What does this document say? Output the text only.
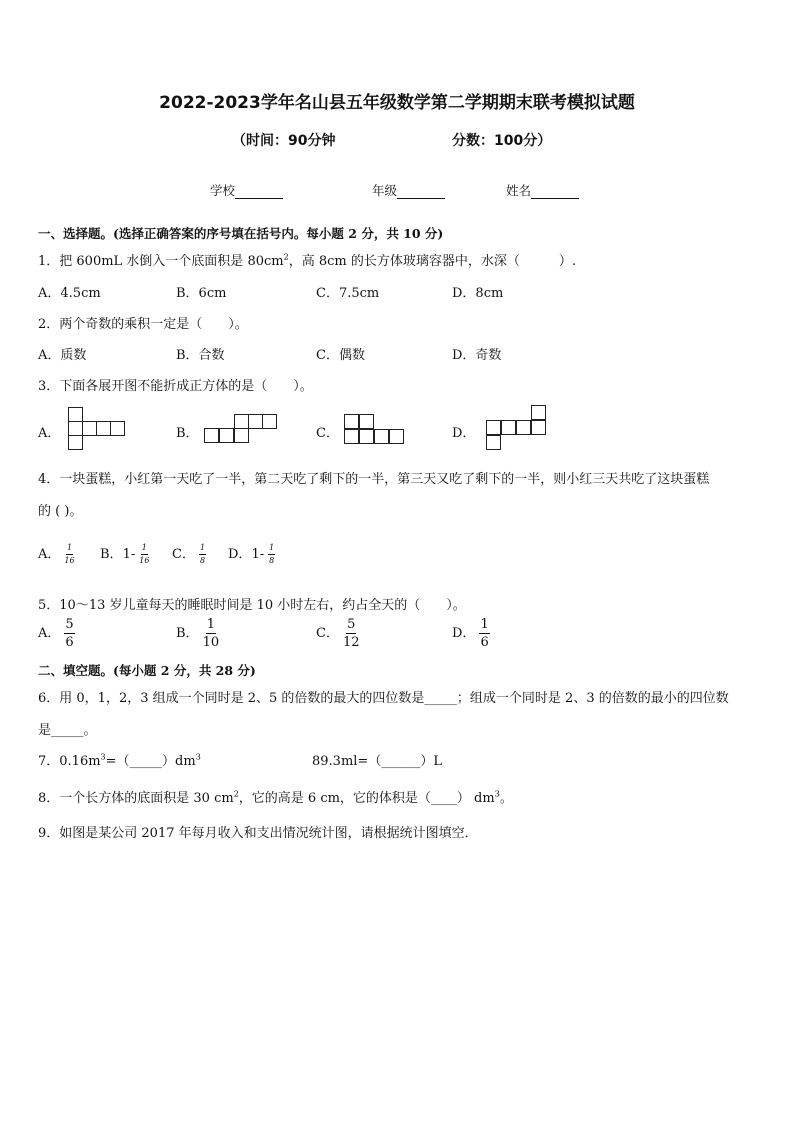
2022-2023学年名山县五年级数学第二学期期末联考模拟试题
（时间：90分钟	分数：100分）
学校	年级	姓名
一、选择题。(选择正确答案的序号填在括号内。每小题 2 分，共 10 分)
1．把 600mL 水倒入一个底面积是 $80cm^2$，高 8cm 的长方体玻璃容器中，水深（　　　）.
A．4.5cm	B．6cm	C．7.5cm	D．8cm
2．两个奇数的乘积一定是（　　）。
A．质数	B．合数	C．偶数	D．奇数
3．下面各展开图不能折成正方体的是（　　）。
A．	B．	C．	D．
4．一块蛋糕，小红第一天吃了一半，第二天吃了剩下的一半，第三天又吃了剩下的一半，则小红三天共吃了这块蛋糕
的 ( )。
A． $\frac{1}{16}$ B．$1- \frac{1}{16}$ C． $\frac{1}{8}$ D．$1- \frac{1}{8}$
5．10～13 岁儿童每天的睡眠时间是 10 小时左右，约占全天的（　　）。
A． $\frac{5}{6}$	B． $\frac{1}{10}$	C． $\frac{5}{12}$	D． $\frac{1}{6}$
二、填空题。(每小题 2 分，共 28 分)
6．用 0，1，2，3 组成一个同时是 2、5 的倍数的最大的四位数是_____；组成一个同时是 2、3 的倍数的最小的四位数
是_____。
7．$0.16m^3=(\_\_\_\_\_)dm^3$	89.3ml=（______）L
8．一个长方体的底面积是 30 $cm^2$，它的高是 6 cm，它的体积是（____） $dm^3$。
9．如图是某公司 2017 年每月收入和支出情况统计图，请根据统计图填空．
